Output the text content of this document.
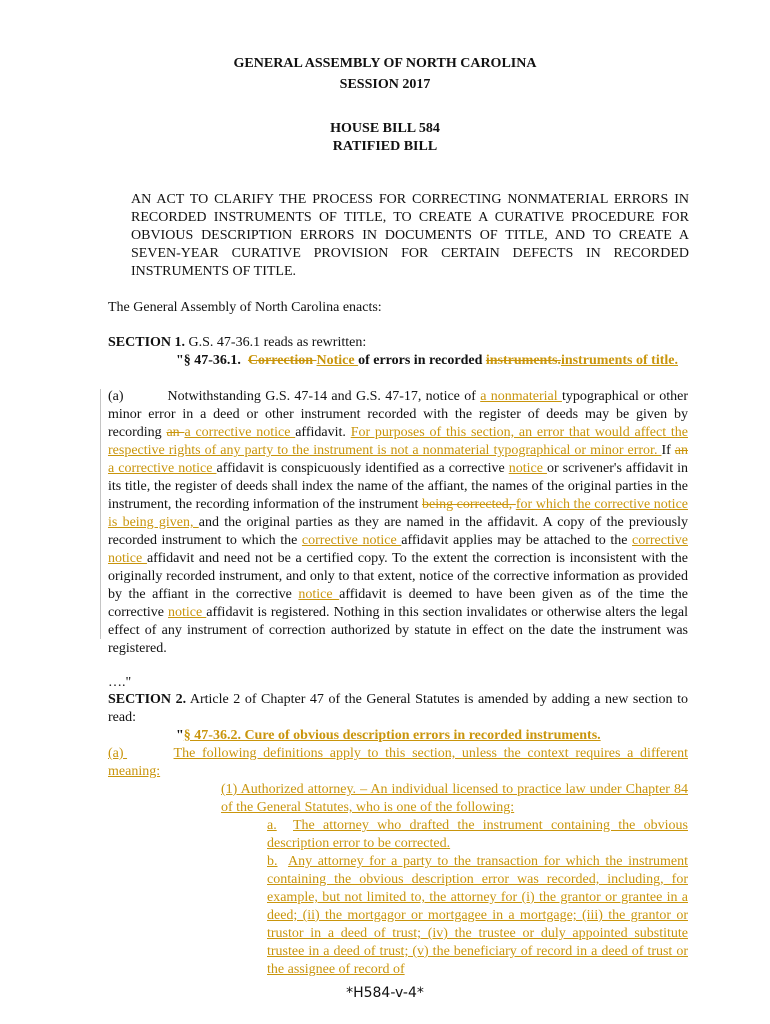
GENERAL ASSEMBLY OF NORTH CAROLINA
SESSION 2017
HOUSE BILL 584
RATIFIED BILL
AN ACT TO CLARIFY THE PROCESS FOR CORRECTING NONMATERIAL ERRORS IN RECORDED INSTRUMENTS OF TITLE, TO CREATE A CURATIVE PROCEDURE FOR OBVIOUS DESCRIPTION ERRORS IN DOCUMENTS OF TITLE, AND TO CREATE A SEVEN-YEAR CURATIVE PROVISION FOR CERTAIN DEFECTS IN RECORDED INSTRUMENTS OF TITLE.
The General Assembly of North Carolina enacts:
SECTION 1. G.S. 47-36.1 reads as rewritten:
"§ 47-36.1. Correction Notice of errors in recorded instruments.instruments of title.
(a)	Notwithstanding G.S. 47-14 and G.S. 47-17, notice of a nonmaterial typographical or other minor error in a deed or other instrument recorded with the register of deeds may be given by recording an a corrective notice affidavit. For purposes of this section, an error that would affect the respective rights of any party to the instrument is not a nonmaterial typographical or minor error. If an a corrective notice affidavit is conspicuously identified as a corrective notice or scrivener's affidavit in its title, the register of deeds shall index the name of the affiant, the names of the original parties in the instrument, the recording information of the instrument being corrected, for which the corrective notice is being given, and the original parties as they are named in the affidavit. A copy of the previously recorded instrument to which the corrective notice affidavit applies may be attached to the corrective notice affidavit and need not be a certified copy. To the extent the correction is inconsistent with the originally recorded instrument, and only to that extent, notice of the corrective information as provided by the affiant in the corrective notice affidavit is deemed to have been given as of the time the corrective notice affidavit is registered. Nothing in this section invalidates or otherwise alters the legal effect of any instrument of correction authorized by statute in effect on the date the instrument was registered.
…."
SECTION 2. Article 2 of Chapter 47 of the General Statutes is amended by adding a new section to read:
"§ 47-36.2. Cure of obvious description errors in recorded instruments.
(a)	The following definitions apply to this section, unless the context requires a different meaning:
(1) Authorized attorney. – An individual licensed to practice law under Chapter 84 of the General Statutes, who is one of the following:
a. The attorney who drafted the instrument containing the obvious description error to be corrected.
b. Any attorney for a party to the transaction for which the instrument containing the obvious description error was recorded, including, for example, but not limited to, the attorney for (i) the grantor or grantee in a deed; (ii) the mortgagor or mortgagee in a mortgage; (iii) the grantor or trustor in a deed of trust; (iv) the trustee or duly appointed substitute trustee in a deed of trust; (v) the beneficiary of record in a deed of trust or the assignee of record of
*H584-v-4*
